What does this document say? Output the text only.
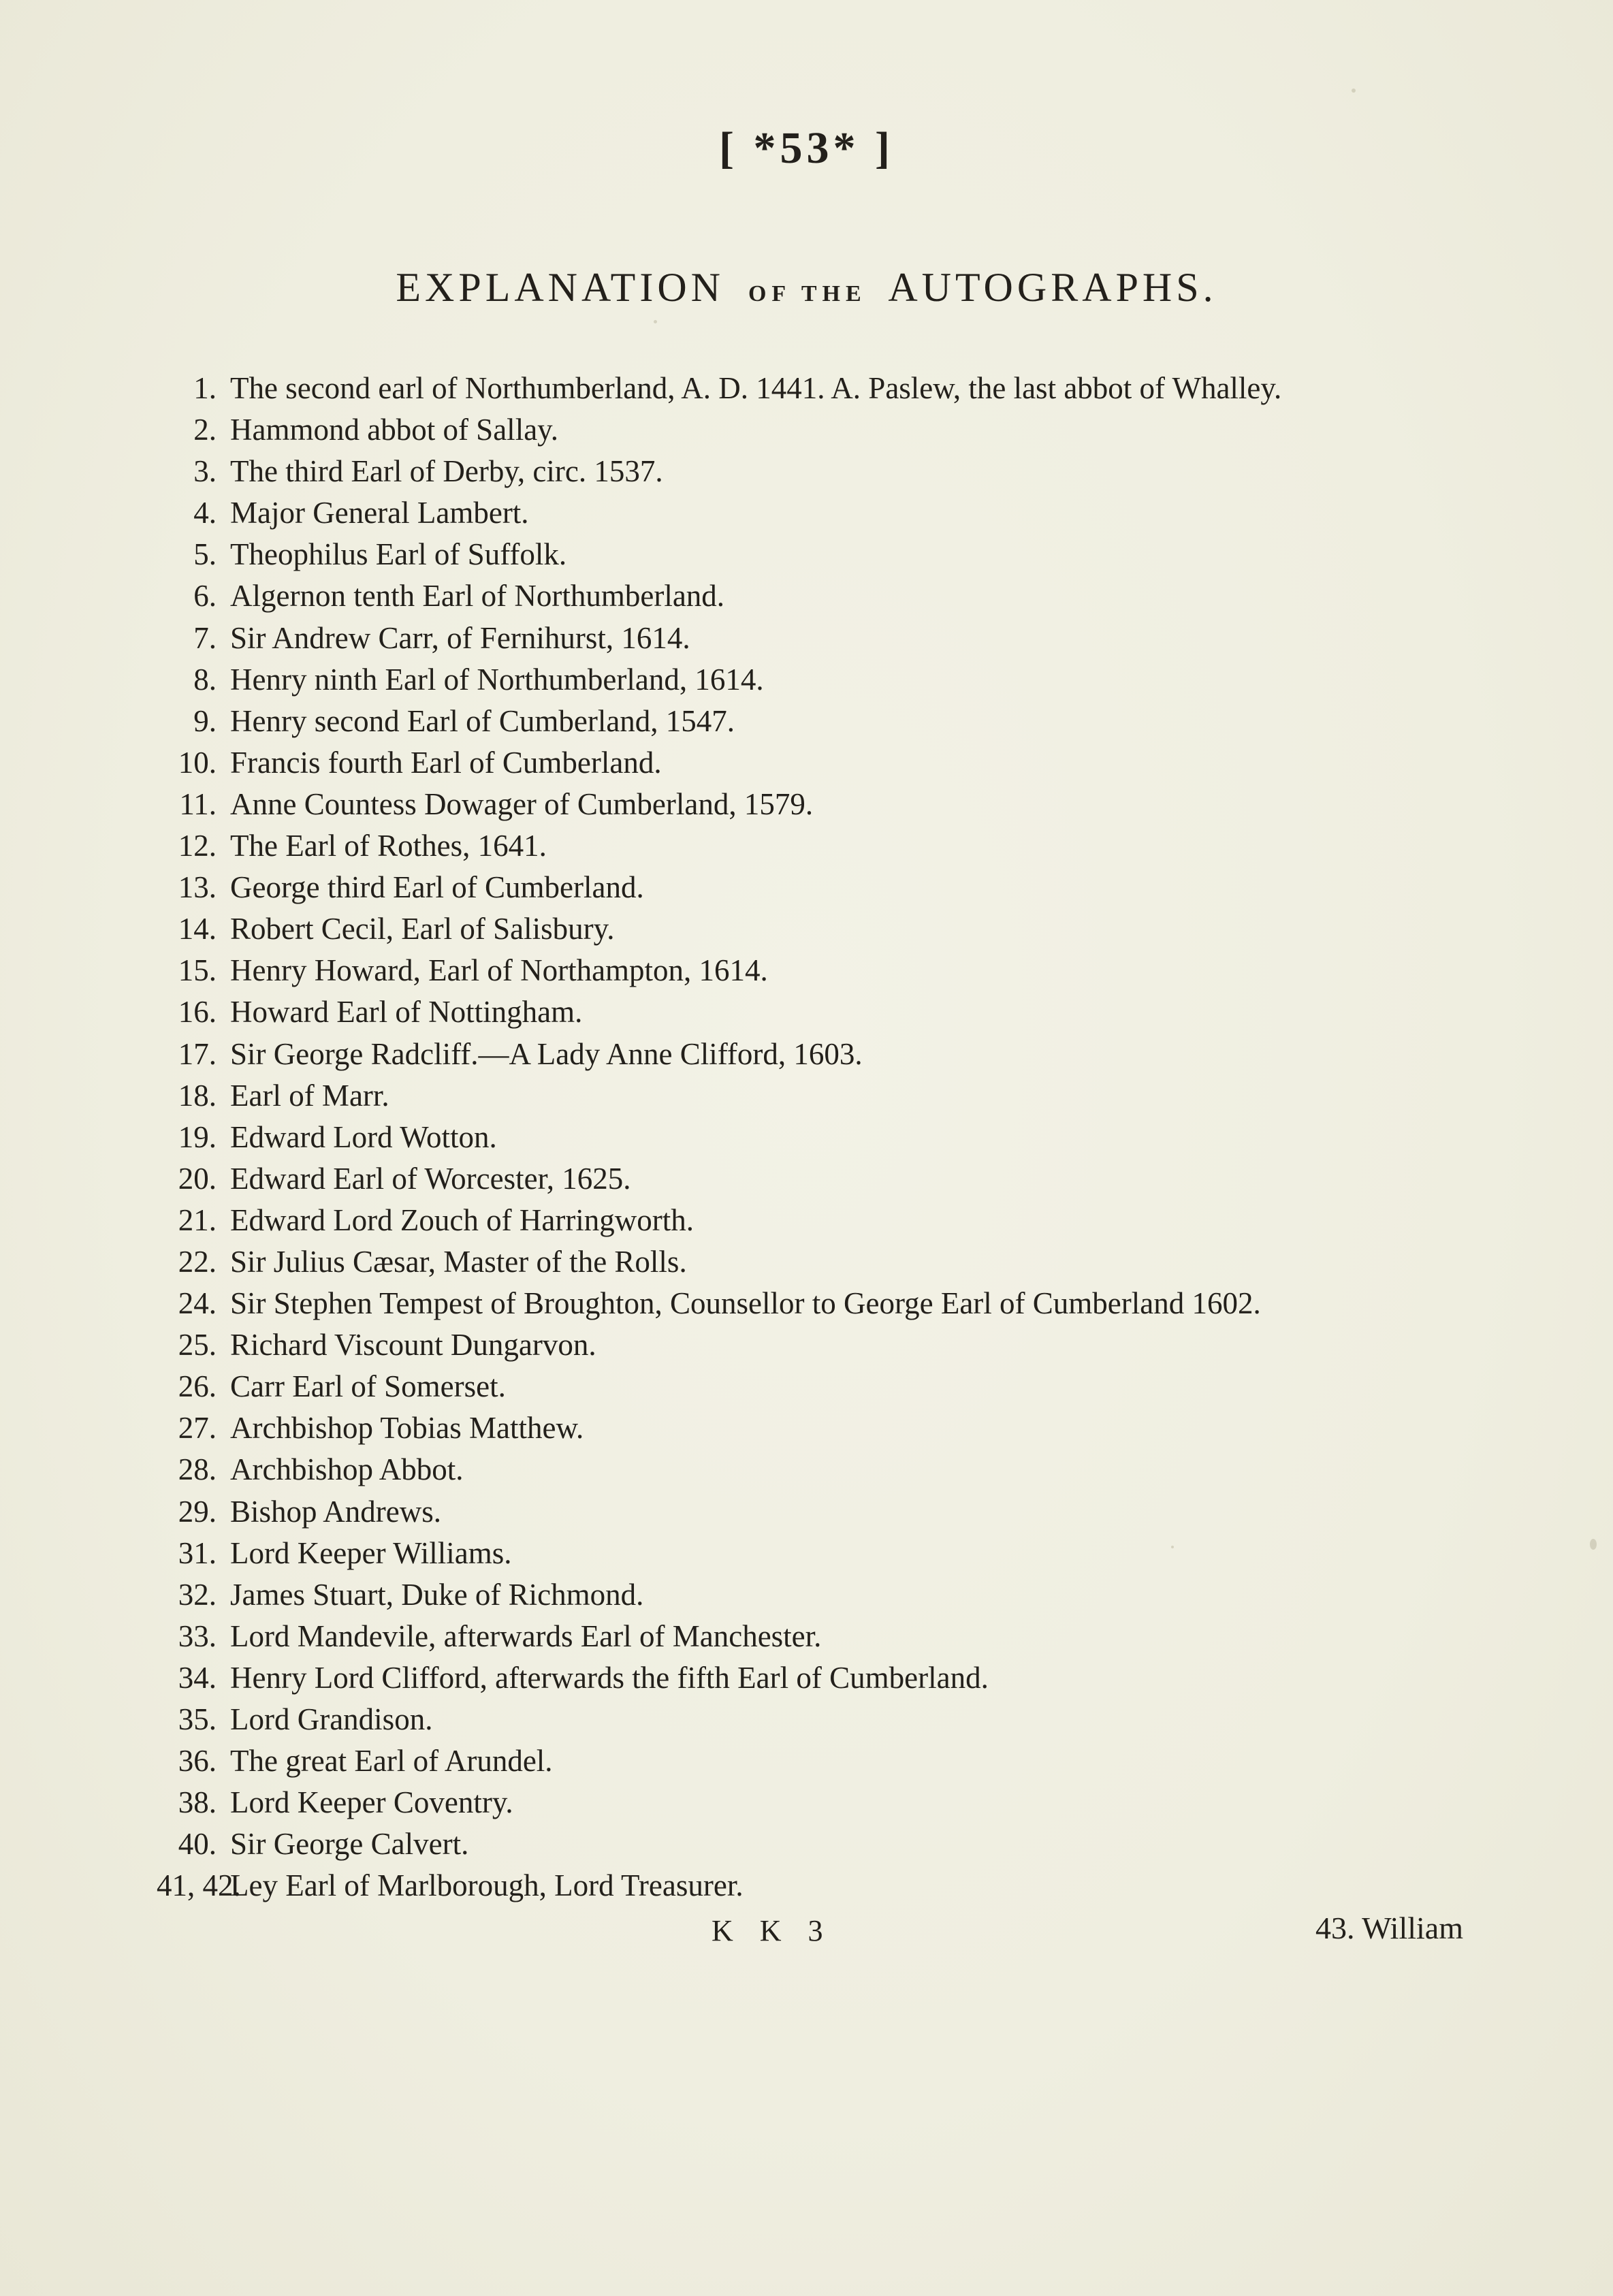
[ *53* ]
EXPLANATION OF THE AUTOGRAPHS.
1. The second earl of Northumberland, A. D. 1441. A. Paslew, the last abbot of Whalley.
2. Hammond abbot of Sallay.
3. The third Earl of Derby, circ. 1537.
4. Major General Lambert.
5. Theophilus Earl of Suffolk.
6. Algernon tenth Earl of Northumberland.
7. Sir Andrew Carr, of Fernihurst, 1614.
8. Henry ninth Earl of Northumberland, 1614.
9. Henry second Earl of Cumberland, 1547.
10. Francis fourth Earl of Cumberland.
11. Anne Countess Dowager of Cumberland, 1579.
12. The Earl of Rothes, 1641.
13. George third Earl of Cumberland.
14. Robert Cecil, Earl of Salisbury.
15. Henry Howard, Earl of Northampton, 1614.
16. Howard Earl of Nottingham.
17. Sir George Radcliff.—A Lady Anne Clifford, 1603.
18. Earl of Marr.
19. Edward Lord Wotton.
20. Edward Earl of Worcester, 1625.
21. Edward Lord Zouch of Harringworth.
22. Sir Julius Cæsar, Master of the Rolls.
24. Sir Stephen Tempest of Broughton, Counsellor to George Earl of Cumberland 1602.
25. Richard Viscount Dungarvon.
26. Carr Earl of Somerset.
27. Archbishop Tobias Matthew.
28. Archbishop Abbot.
29. Bishop Andrews.
31. Lord Keeper Williams.
32. James Stuart, Duke of Richmond.
33. Lord Mandevile, afterwards Earl of Manchester.
34. Henry Lord Clifford, afterwards the fifth Earl of Cumberland.
35. Lord Grandison.
36. The great Earl of Arundel.
38. Lord Keeper Coventry.
40. Sir George Calvert.
41, 42.Ley Earl of Marlborough, Lord Treasurer.
K K 3	43. William
